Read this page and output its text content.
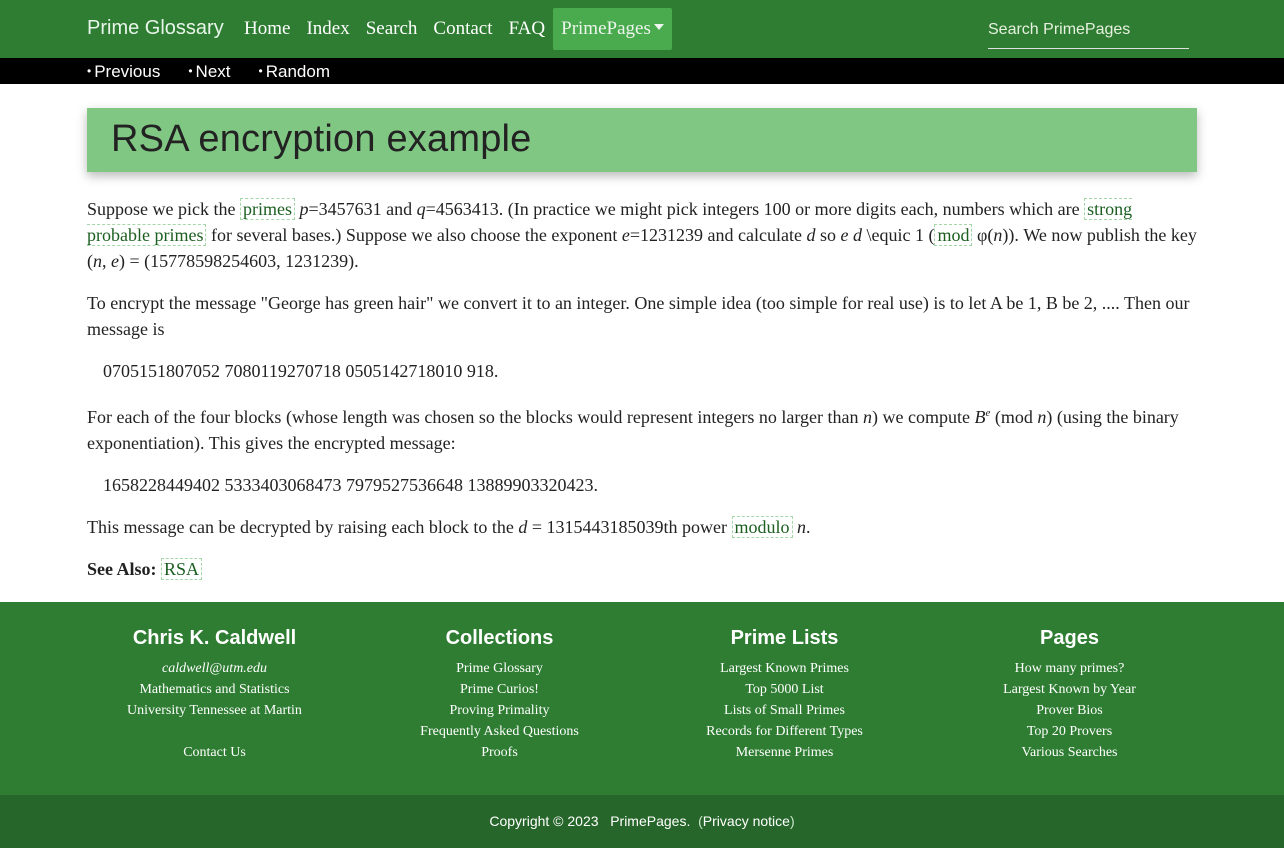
Prime Glossary	Home Index Search Contact FAQ PrimePages
Search PrimePages
• Previous • Next • Random
RSA encryption example

Suppose we pick the primes p=3457631 and q=4563413. (In practice we might pick integers 100 or more digits each, numbers which are strong probable primes for several bases.) Suppose we also choose the exponent e=1231239 and calculate d so e d \equic 1 ( mod φ(n)). We now publish the key (n, e) = (15778598254603, 1231239).

To encrypt the message "George has green hair" we convert it to an integer. One simple idea (too simple for real use) is to let A be 1, B be 2, .... Then our message is

0705151807052 7080119270718 0505142718010 918.

For each of the four blocks (whose length was chosen so the blocks would represent integers no larger than n) we compute $B^e$ (mod n) (using the binary exponentiation). This gives the encrypted message:

1658228449402 5333403068473 7979527536648 13889903320423.

This message can be decrypted by raising each block to the d = 1315443185039th power modulo n.

See Also: RSA

Chris K. Caldwell
caldwell@utm.edu
Mathematics and Statistics
University Tennessee at Martin
Contact Us
Collections
Prime Glossary
Prime Curios!
Proving Primality
Frequently Asked Questions
Proofs
Prime Lists
Largest Known Primes
Top 5000 List
Lists of Small Primes
Records for Different Types
Mersenne Primes
Pages
How many primes?
Largest Known by Year
Prover Bios
Top 20 Provers
Various Searches
Copyright © 2023 PrimePages.  (Privacy notice)
